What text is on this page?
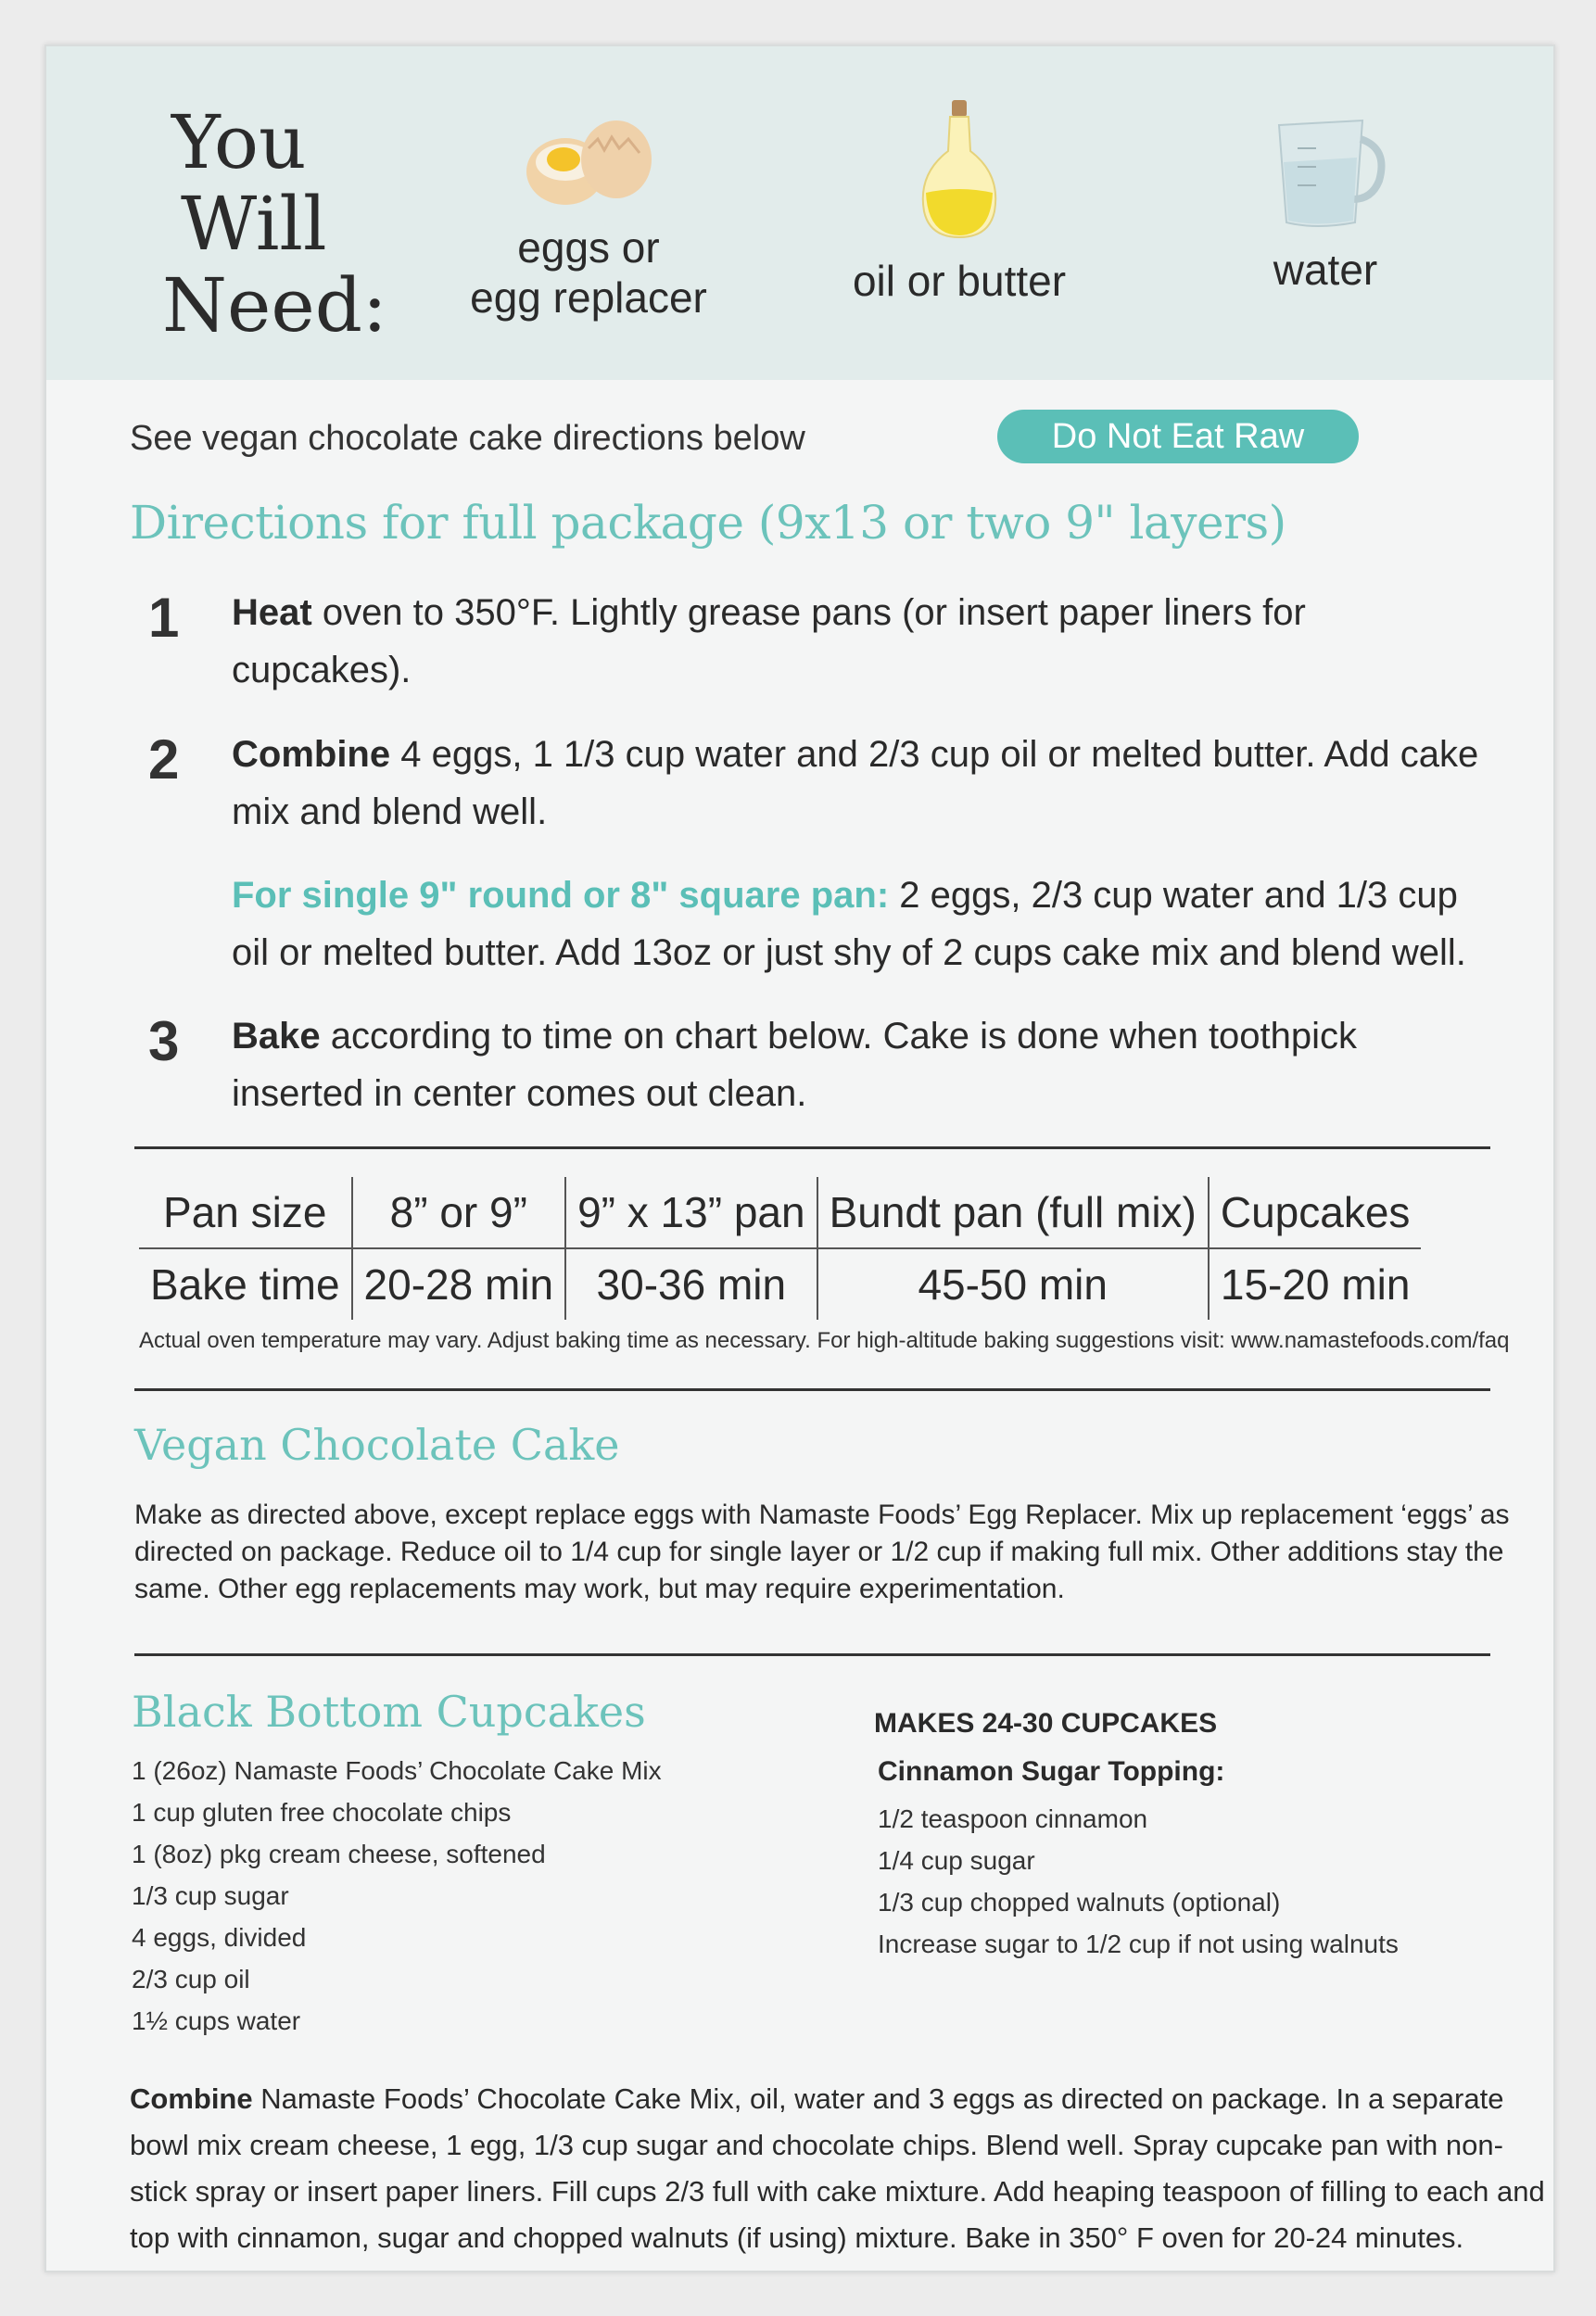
You
Will
Need:
eggs or
egg replacer	oil or butter	water
See vegan chocolate cake directions below	Do Not Eat Raw
Directions for full package (9x13 or two 9" layers)
1 Heat oven to 350°F. Lightly grease pans (or insert paper liners for cupcakes).
2 Combine 4 eggs, 1 1/3 cup water and 2/3 cup oil or melted butter. Add cake mix and blend well.
For single 9" round or 8" square pan: 2 eggs, 2/3 cup water and 1/3 cup oil or melted butter. Add 13oz or just shy of 2 cups cake mix and blend well.
3 Bake according to time on chart below. Cake is done when toothpick inserted in center comes out clean.
Pan size	8” or 9”	9” x 13” pan	Bundt pan (full mix)	Cupcakes
Bake time	20-28 min	30-36 min	45-50 min	15-20 min
Actual oven temperature may vary. Adjust baking time as necessary. For high-altitude baking suggestions visit: www.namastefoods.com/faq
Vegan Chocolate Cake
Make as directed above, except replace eggs with Namaste Foods’ Egg Replacer. Mix up replacement ‘eggs’ as directed on package. Reduce oil to 1/4 cup for single layer or 1/2 cup if making full mix. Other additions stay the same. Other egg replacements may work, but may require experimentation.
Black Bottom Cupcakes	MAKES 24-30 CUPCAKES
1 (26oz) Namaste Foods’ Chocolate Cake Mix
1 cup gluten free chocolate chips
1 (8oz) pkg cream cheese, softened
1/3 cup sugar
4 eggs, divided
2/3 cup oil
1½ cups water
Cinnamon Sugar Topping:
1/2 teaspoon cinnamon
1/4 cup sugar
1/3 cup chopped walnuts (optional)
Increase sugar to 1/2 cup if not using walnuts
Combine Namaste Foods’ Chocolate Cake Mix, oil, water and 3 eggs as directed on package. In a separate bowl mix cream cheese, 1 egg, 1/3 cup sugar and chocolate chips. Blend well. Spray cupcake pan with non-stick spray or insert paper liners. Fill cups 2/3 full with cake mixture. Add heaping teaspoon of filling to each and top with cinnamon, sugar and chopped walnuts (if using) mixture. Bake in 350° F oven for 20-24 minutes.
